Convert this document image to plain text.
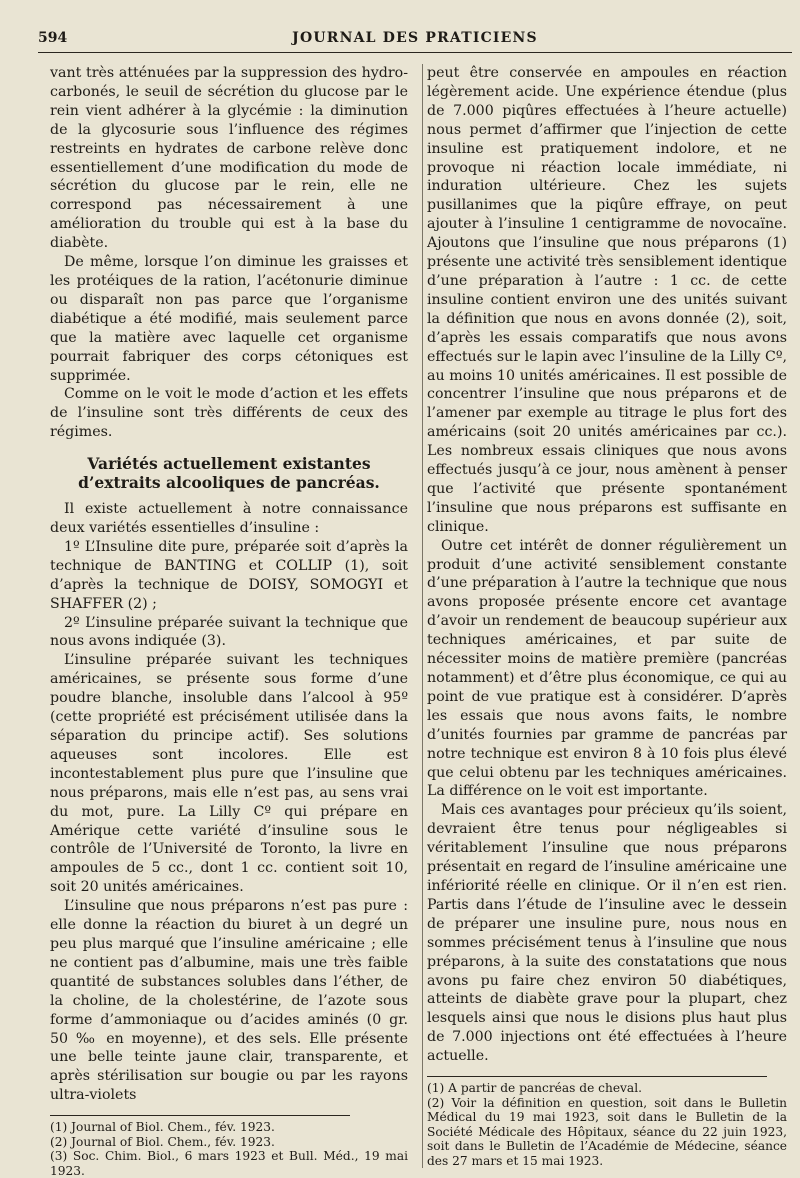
594	JOURNAL DES PRATICIENS

vant très atténuées par la suppression des hydro-carbonés, le seuil de sécrétion du glucose par le rein vient adhérer à la glycémie : la diminution de la glycosurie sous l’influence des régimes restreints en hydrates de carbone relève donc essentiellement d’une modification du mode de sécrétion du glucose par le rein, elle ne correspond pas nécessairement à une amélioration du trouble qui est à la base du diabète.

De même, lorsque l’on diminue les graisses et les protéiques de la ration, l’acétonurie diminue ou disparaît non pas parce que l’organisme diabétique a été modifié, mais seulement parce que la matière avec laquelle cet organisme pourrait fabriquer des corps cétoniques est supprimée.

Comme on le voit le mode d’action et les effets de l’insuline sont très différents de ceux des régimes.

Variétés actuellement existantes
d’extraits alcooliques de pancréas.

Il existe actuellement à notre connaissance deux variétés essentielles d’insuline :

1º L’Insuline dite pure, préparée soit d’après la technique de BANTING et COLLIP (1), soit d’après la technique de DOISY, SOMOGYI et SHAFFER (2) ;

2º L’insuline préparée suivant la technique que nous avons indiquée (3).

L’insuline préparée suivant les techniques américaines, se présente sous forme d’une poudre blanche, insoluble dans l’alcool à 95º (cette propriété est précisément utilisée dans la séparation du principe actif). Ses solutions aqueuses sont incolores. Elle est incontestablement plus pure que l’insuline que nous préparons, mais elle n’est pas, au sens vrai du mot, pure. La Lilly Cº qui prépare en Amérique cette variété d’insuline sous le contrôle de l’Université de Toronto, la livre en ampoules de 5 cc., dont 1 cc. contient soit 10, soit 20 unités américaines.

L’insuline que nous préparons n’est pas pure : elle donne la réaction du biuret à un degré un peu plus marqué que l’insuline américaine ; elle ne contient pas d’albumine, mais une très faible quantité de substances solubles dans l’éther, de la choline, de la cholestérine, de l’azote sous forme d’ammoniaque ou d’acides aminés (0 gr. 50 ‰ en moyenne), et des sels. Elle présente une belle teinte jaune clair, transparente, et après stérilisation sur bougie ou par les rayons ultra-violets

(1) Journal of Biol. Chem., fév. 1923.

(2) Journal of Biol. Chem., fév. 1923.

(3) Soc. Chim. Biol., 6 mars 1923 et Bull. Méd., 19 mai 1923.

peut être conservée en ampoules en réaction légèrement acide. Une expérience étendue (plus de 7.000 piqûres effectuées à l’heure actuelle) nous permet d’affirmer que l’injection de cette insuline est pratiquement indolore, et ne provoque ni réaction locale immédiate, ni induration ultérieure. Chez les sujets pusillanimes que la piqûre effraye, on peut ajouter à l’insuline 1 centigramme de novocaïne. Ajoutons que l’insuline que nous préparons (1) présente une activité très sensiblement identique d’une préparation à l’autre : 1 cc. de cette insuline contient environ une des unités suivant la définition que nous en avons donnée (2), soit, d’après les essais comparatifs que nous avons effectués sur le lapin avec l’insuline de la Lilly Cº, au moins 10 unités américaines. Il est possible de concentrer l’insuline que nous préparons et de l’amener par exemple au titrage le plus fort des américains (soit 20 unités américaines par cc.). Les nombreux essais cliniques que nous avons effectués jusqu’à ce jour, nous amènent à penser que l’activité que présente spontanément l’insuline que nous préparons est suffisante en clinique.

Outre cet intérêt de donner régulièrement un produit d’une activité sensiblement constante d’une préparation à l’autre la technique que nous avons proposée présente encore cet avantage d’avoir un rendement de beaucoup supérieur aux techniques américaines, et par suite de nécessiter moins de matière première (pancréas notamment) et d’être plus économique, ce qui au point de vue pratique est à considérer. D’après les essais que nous avons faits, le nombre d’unités fournies par gramme de pancréas par notre technique est environ 8 à 10 fois plus élevé que celui obtenu par les techniques américaines. La différence on le voit est importante.

Mais ces avantages pour précieux qu’ils soient, devraient être tenus pour négligeables si véritablement l’insuline que nous préparons présentait en regard de l’insuline américaine une infériorité réelle en clinique. Or il n’en est rien. Partis dans l’étude de l’insuline avec le dessein de préparer une insuline pure, nous nous en sommes précisément tenus à l’insuline que nous préparons, à la suite des constatations que nous avons pu faire chez environ 50 diabétiques, atteints de diabète grave pour la plupart, chez lesquels ainsi que nous le disions plus haut plus de 7.000 injections ont été effectuées à l’heure actuelle.

(1) A partir de pancréas de cheval.

(2) Voir la définition en question, soit dans le Bulletin Médical du 19 mai 1923, soit dans le Bulletin de la Société Médicale des Hôpitaux, séance du 22 juin 1923, soit dans le Bulletin de l’Académie de Médecine, séance des 27 mars et 15 mai 1923.
